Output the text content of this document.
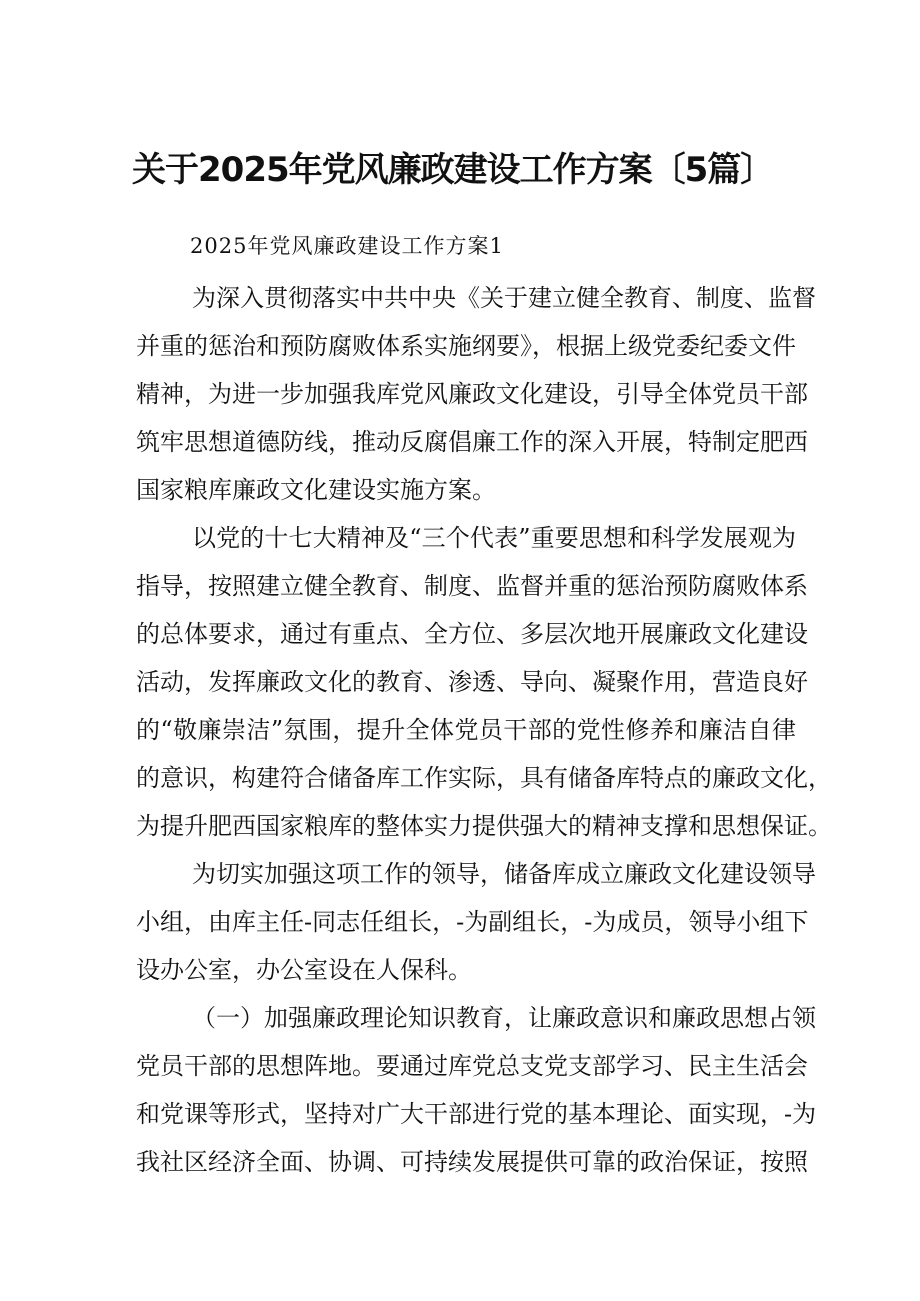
关于2025年党风廉政建设工作方案〔5篇〕

2025年党风廉政建设工作方案1

为深入贯彻落实中共中央《关于建立健全教育、制度、监督
并重的惩治和预防腐败体系实施纲要》，根据上级党委纪委文件
精神，为进一步加强我库党风廉政文化建设，引导全体党员干部
筑牢思想道德防线，推动反腐倡廉工作的深入开展，特制定肥西
国家粮库廉政文化建设实施方案。
以党的十七大精神及“三个代表”重要思想和科学发展观为
指导，按照建立健全教育、制度、监督并重的惩治预防腐败体系
的总体要求，通过有重点、全方位、多层次地开展廉政文化建设
活动，发挥廉政文化的教育、渗透、导向、凝聚作用，营造良好
的“敬廉崇洁”氛围，提升全体党员干部的党性修养和廉洁自律
的意识，构建符合储备库工作实际，具有储备库特点的廉政文化，
为提升肥西国家粮库的整体实力提供强大的精神支撑和思想保证。
为切实加强这项工作的领导，储备库成立廉政文化建设领导
小组，由库主任-同志任组长，-为副组长，-为成员，领导小组下
设办公室，办公室设在人保科。
（一）加强廉政理论知识教育，让廉政意识和廉政思想占领
党员干部的思想阵地。要通过库党总支党支部学习、民主生活会
和党课等形式，坚持对广大干部进行党的基本理论、面实现，-为
我社区经济全面、协调、可持续发展提供可靠的政治保证，按照
